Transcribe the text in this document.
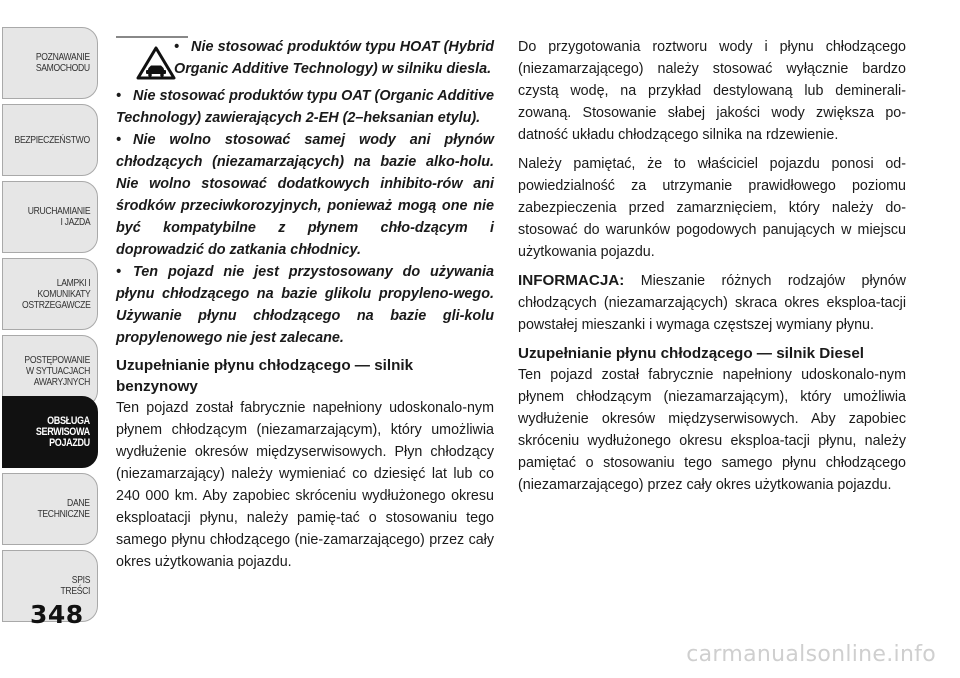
POZNAWANIE
SAMOCHODU
BEZPIECZEŃSTWO
URUCHAMIANIE
I JAZDA
LAMPKI I
KOMUNIKATY
OSTRZEGAWCZE
POSTĘPOWANIE
W SYTUACJACH
AWARYJNYCH
OBSŁUGA
SERWISOWA
POJAZDU
DANE
TECHNICZNE
SPIS
TREŚCI
348

• Nie stosować produktów typu HOAT (Hybrid Organic Additive Technology) w silniku diesla.

• Nie stosować produktów typu OAT (Organic Additive Technology) zawierających 2-EH (2–heksanian etylu).

• Nie wolno stosować samej wody ani płynów chłodzących (niezamarzających) na bazie alko-holu. Nie wolno stosować dodatkowych inhibito-rów ani środków przeciwkorozyjnych, ponieważ mogą one nie być kompatybilne z płynem chło-dzącym i doprowadzić do zatkania chłodnicy.

• Ten pojazd nie jest przystosowany do używania płynu chłodzącego na bazie glikolu propyleno-wego. Używanie płynu chłodzącego na bazie gli-kolu propylenowego nie jest zalecane.

Uzupełnianie płynu chłodzącego — silnik benzynowy

Ten pojazd został fabrycznie napełniony udoskonalo-nym płynem chłodzącym (niezamarzającym), który umożliwia wydłużenie okresów międzyserwisowych. Płyn chłodzący (niezamarzający) należy wymieniać co dziesięć lat lub co 240 000 km. Aby zapobiec skróceniu wydłużonego okresu eksploatacji płynu, należy pamię-tać o stosowaniu tego samego płynu chłodzącego (nie-zamarzającego) przez cały okres użytkowania pojazdu.

Do przygotowania roztworu wody i płynu chłodzącego (niezamarzającego) należy stosować wyłącznie bardzo czystą wodę, na przykład destylowaną lub deminerali-zowaną. Stosowanie słabej jakości wody zwiększa po-datność układu chłodzącego silnika na rdzewienie.

Należy pamiętać, że to właściciel pojazdu ponosi od-powiedzialność za utrzymanie prawidłowego poziomu zabezpieczenia przed zamarznięciem, który należy do-stosować do warunków pogodowych panujących w miejscu użytkowania pojazdu.

INFORMACJA: Mieszanie różnych rodzajów płynów chłodzących (niezamarzających) skraca okres eksploa-tacji powstałej mieszanki i wymaga częstszej wymiany płynu.

Uzupełnianie płynu chłodzącego — silnik Diesel

Ten pojazd został fabrycznie napełniony udoskonalo-nym płynem chłodzącym (niezamarzającym), który umożliwia wydłużenie okresów międzyserwisowych. Aby zapobiec skróceniu wydłużonego okresu eksploa-tacji płynu, należy pamiętać o stosowaniu tego samego płynu chłodzącego (niezamarzającego) przez cały okres użytkowania pojazdu.

carmanualsonline.info
